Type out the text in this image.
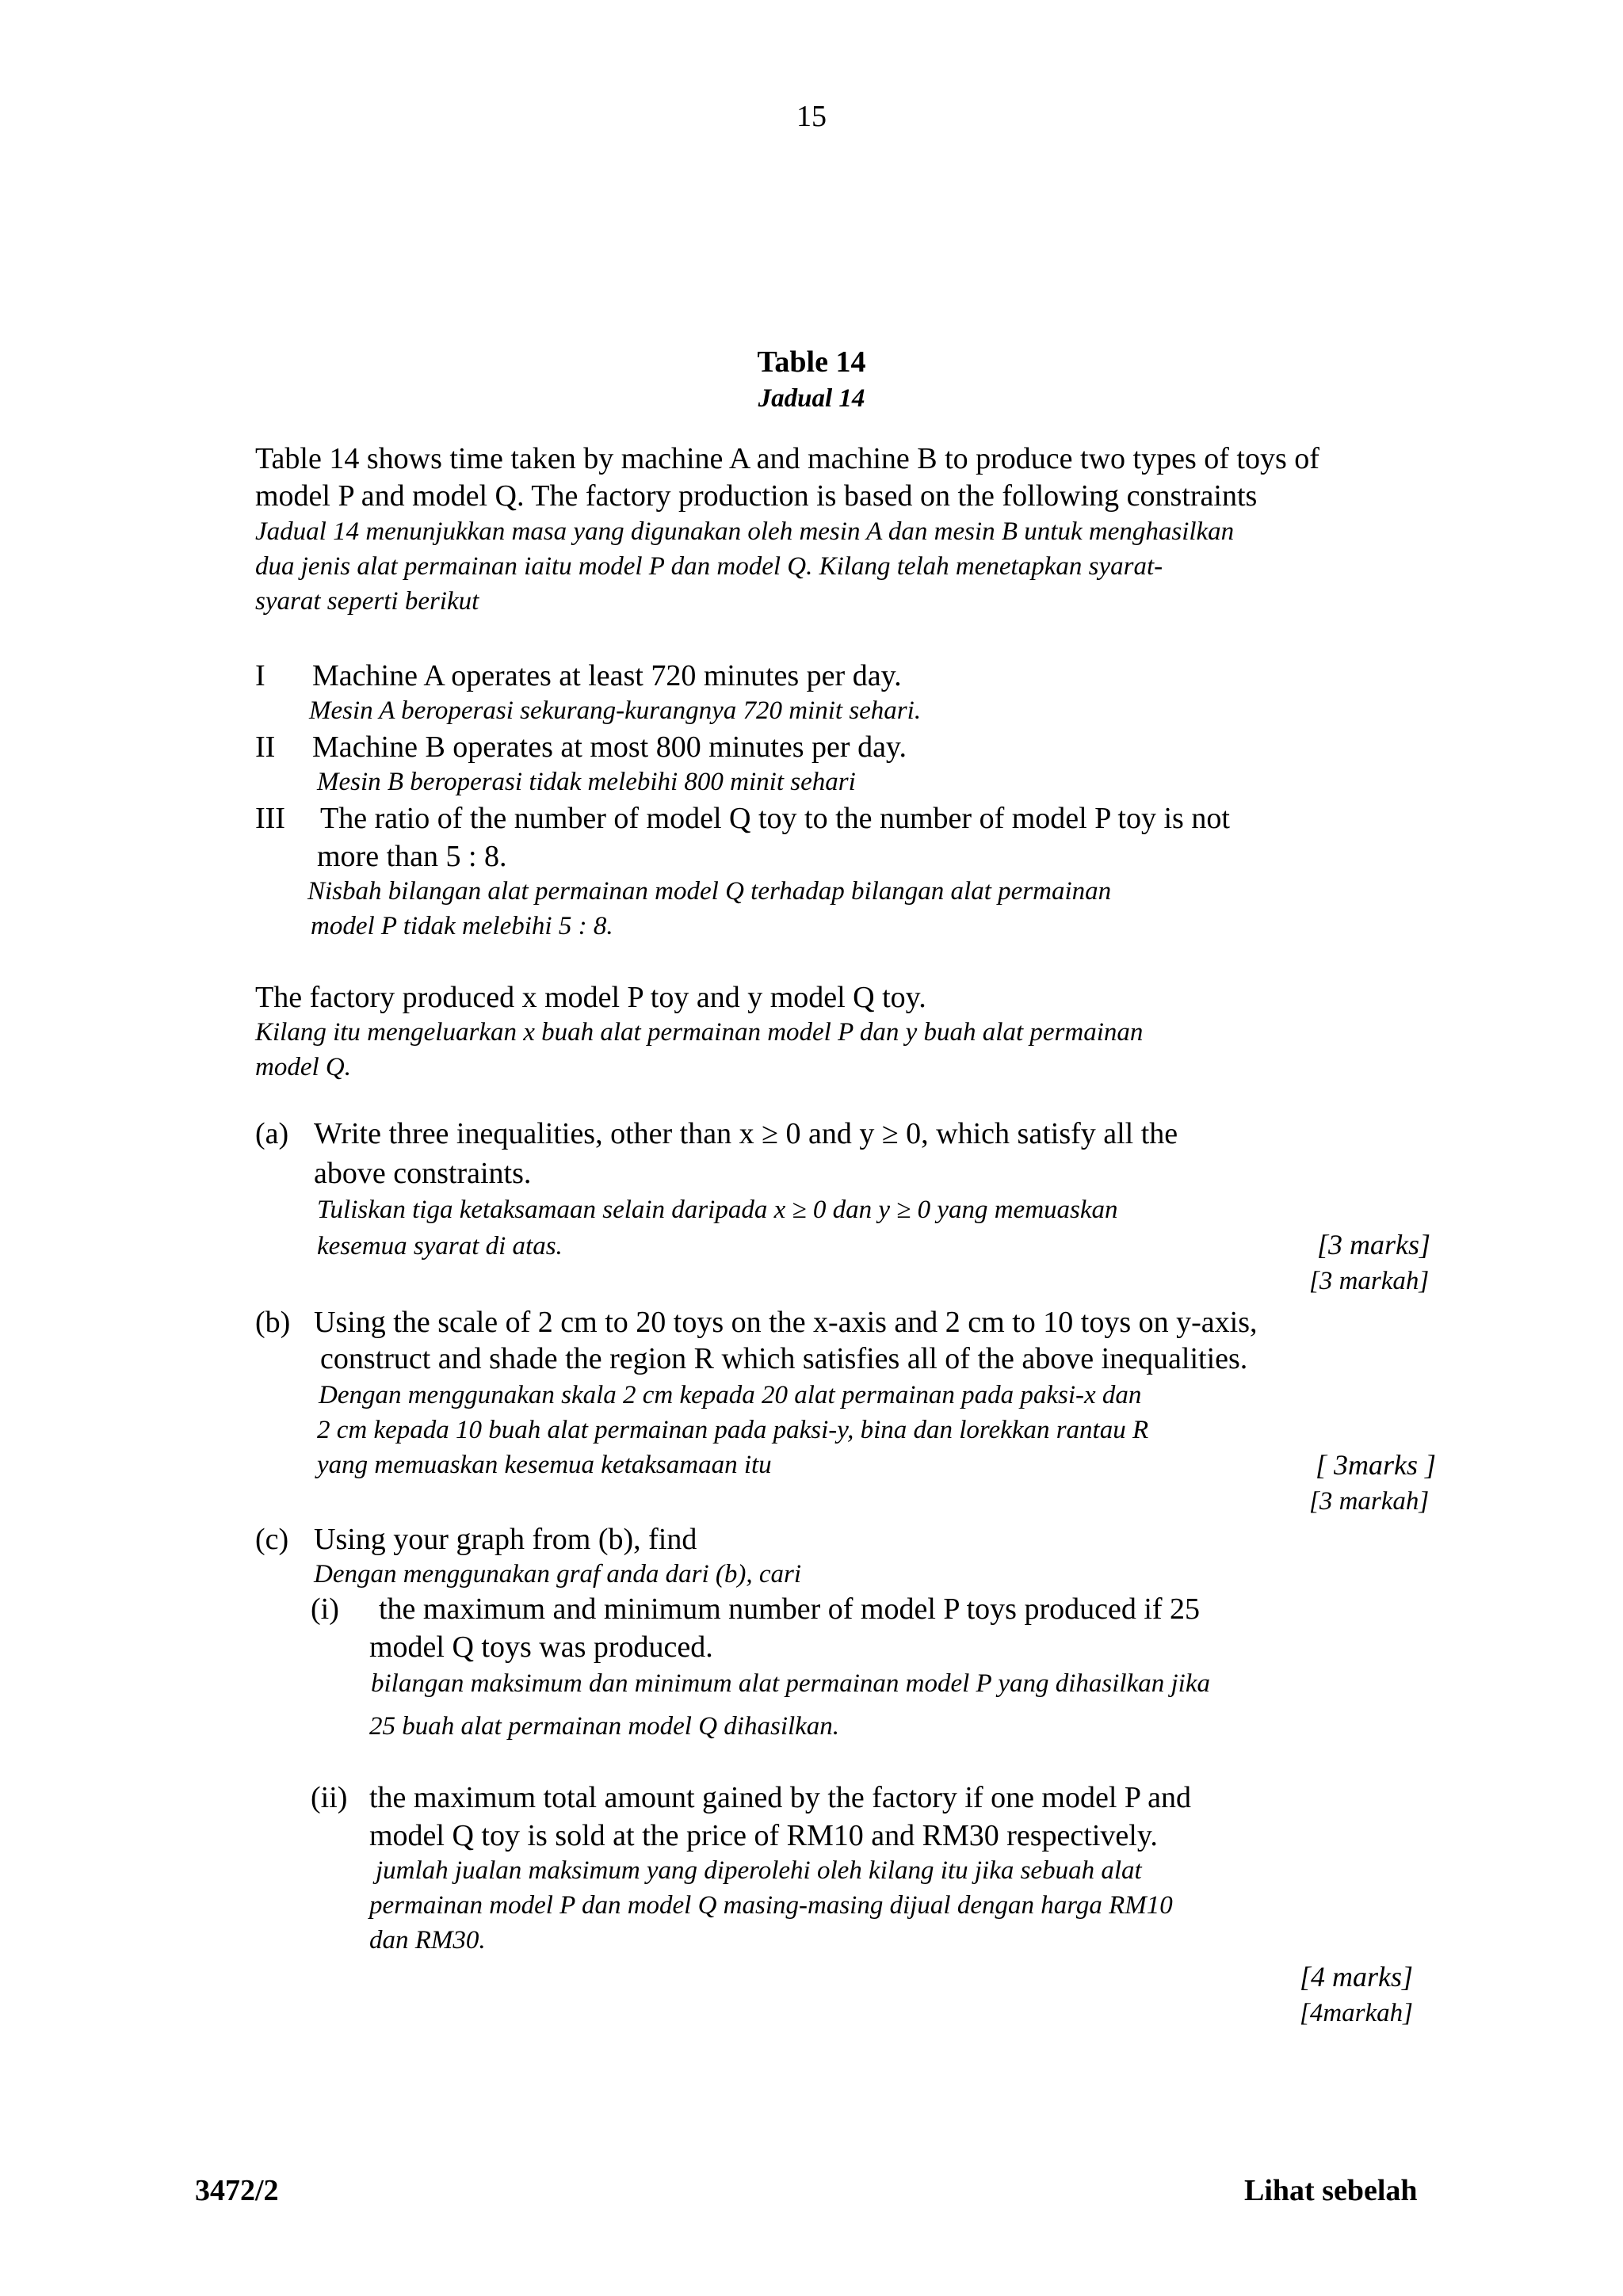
15
Table 14
Jadual 14
Table 14 shows time taken by machine A and machine B to produce two types of toys of
model P and model Q. The factory production is based on the following constraints
Jadual 14 menunjukkan masa yang digunakan oleh mesin A dan mesin B untuk menghasilkan
dua jenis alat permainan iaitu model P dan model Q. Kilang telah menetapkan syarat-
syarat seperti berikut
I Machine A operates at least 720 minutes per day.
Mesin A beroperasi sekurang-kurangnya 720 minit sehari.
II Machine B operates at most 800 minutes per day.
Mesin B beroperasi tidak melebihi 800 minit sehari
III The ratio of the number of model Q toy to the number of model P toy is not
more than 5 : 8.
Nisbah bilangan alat permainan model Q terhadap bilangan alat permainan
model P tidak melebihi 5 : 8.
The factory produced x model P toy and y model Q toy.
Kilang itu mengeluarkan x buah alat permainan model P dan y buah alat permainan
model Q.
(a) Write three inequalities, other than x ≥ 0 and y ≥ 0, which satisfy all the
above constraints.
Tuliskan tiga ketaksamaan selain daripada x ≥ 0 dan y ≥ 0 yang memuaskan
kesemua syarat di atas.	[3 marks]
[3 markah]
(b) Using the scale of 2 cm to 20 toys on the x-axis and 2 cm to 10 toys on y-axis,
construct and shade the region R which satisfies all of the above inequalities.
Dengan menggunakan skala 2 cm kepada 20 alat permainan pada paksi-x dan
2 cm kepada 10 buah alat permainan pada paksi-y, bina dan lorekkan rantau R
yang memuaskan kesemua ketaksamaan itu	[ 3marks ]
[3 markah]
(c) Using your graph from (b), find
Dengan menggunakan graf anda dari (b), cari
(i) the maximum and minimum number of model P toys produced if 25
model Q toys was produced.
bilangan maksimum dan minimum alat permainan model P yang dihasilkan jika
25 buah alat permainan model Q dihasilkan.
(ii) the maximum total amount gained by the factory if one model P and
model Q toy is sold at the price of RM10 and RM30 respectively.
jumlah jualan maksimum yang diperolehi oleh kilang itu jika sebuah alat
permainan model P dan model Q masing-masing dijual dengan harga RM10
dan RM30.
[4 marks]
[4markah]
3472/2	Lihat sebelah
